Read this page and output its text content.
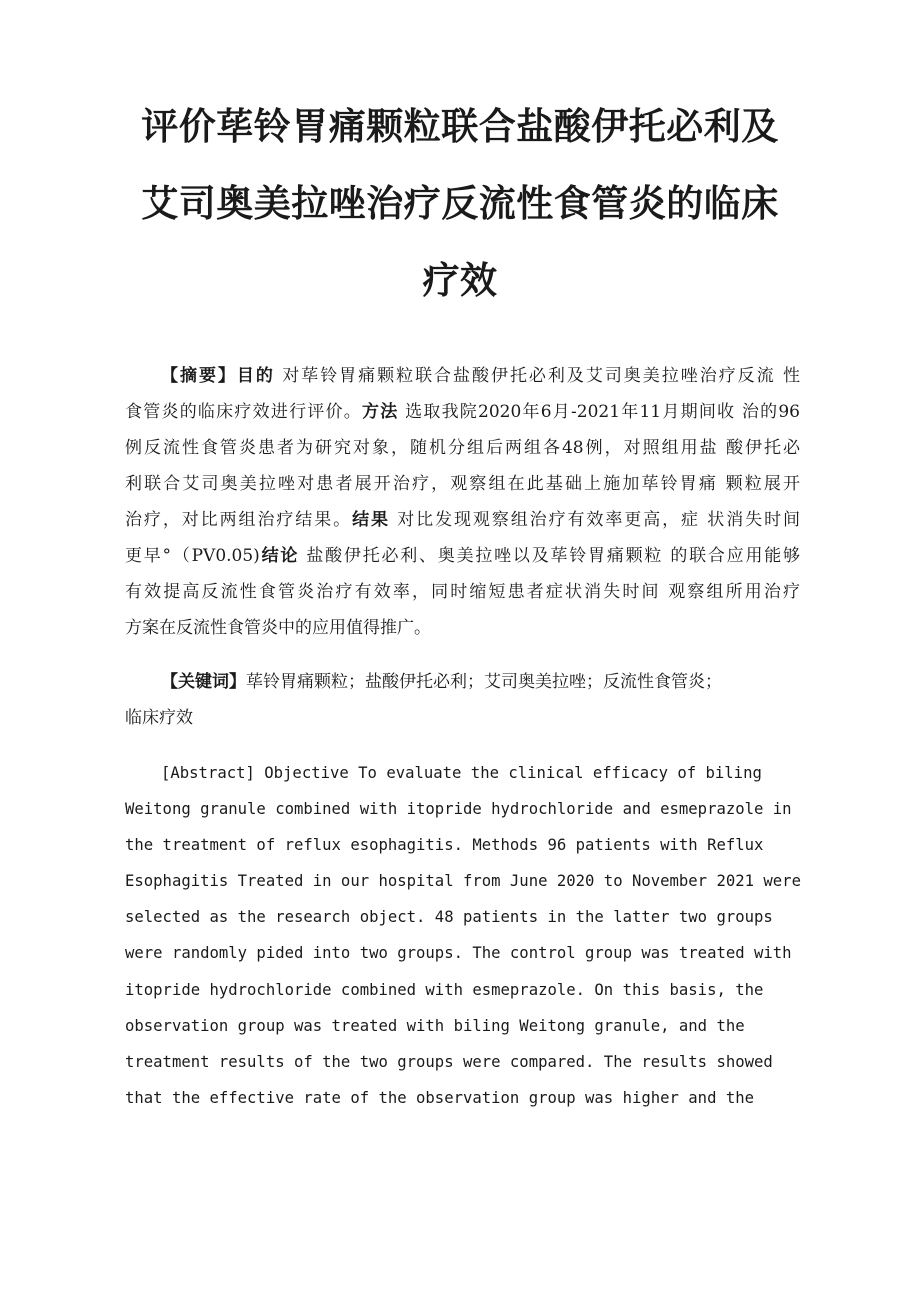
评价荜铃胃痛颗粒联合盐酸伊托必利及
艾司奥美拉唑治疗反流性食管炎的临床
疗效
【摘要】目的 对荜铃胃痛颗粒联合盐酸伊托必利及艾司奥美拉唑治疗反流 性
食管炎的临床疗效进行评价。方法 选取我院2020年6月-2021年11月期间收 治的96
例反流性食管炎患者为研究对象，随机分组后两组各48例，对照组用盐 酸伊托必
利联合艾司奥美拉唑对患者展开治疗，观察组在此基础上施加荜铃胃痛 颗粒展开
治疗，对比两组治疗结果。结果 对比发现观察组治疗有效率更高，症 状消失时间
更早°（PV0.05)结论 盐酸伊托必利、奥美拉唑以及荜铃胃痛颗粒 的联合应用能够
有效提高反流性食管炎治疗有效率，同时缩短患者症状消失时间 观察组所用治疗
方案在反流性食管炎中的应用值得推广。
【关键词】荜铃胃痛颗粒；盐酸伊托必利；艾司奥美拉唑；反流性食管炎；
临床疗效
[Abstract] Objective To evaluate the clinical efficacy of biling
Weitong granule combined with itopride hydrochloride and esmeprazole in
the treatment of reflux esophagitis. Methods 96 patients with Reflux
Esophagitis Treated in our hospital from June 2020 to November 2021 were
selected as the research object. 48 patients in the latter two groups
were randomly pided into two groups. The control group was treated with
itopride hydrochloride combined with esmeprazole. On this basis, the
observation group was treated with biling Weitong granule, and the
treatment results of the two groups were compared. The results showed
that the effective rate of the observation group was higher and the
